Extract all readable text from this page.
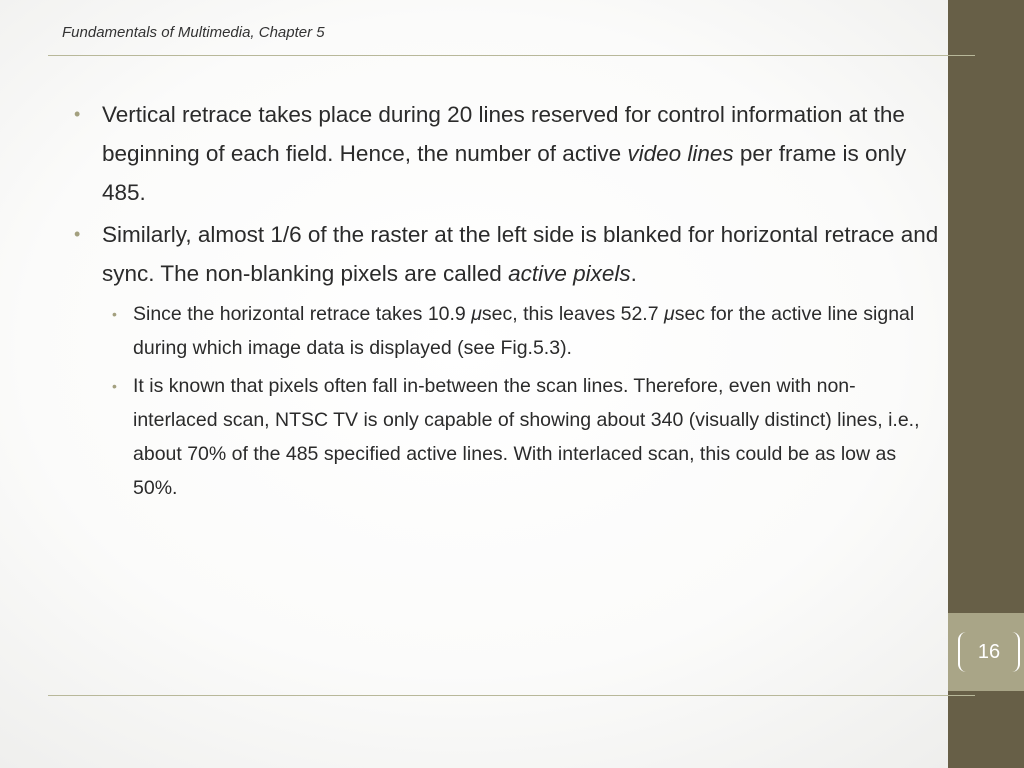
16
Fundamentals of Multimedia, Chapter 5
• Vertical retrace takes place during 20 lines reserved for control information at the beginning of each field. Hence, the number of active video lines per frame is only 485.
• Similarly, almost 1/6 of the raster at the left side is blanked for horizontal retrace and sync. The non-blanking pixels are called active pixels.
• Since the horizontal retrace takes 10.9 μsec, this leaves 52.7 μsec for the active line signal during which image data is displayed (see Fig.5.3).
• It is known that pixels often fall in-between the scan lines. Therefore, even with non-interlaced scan, NTSC TV is only capable of showing about 340 (visually distinct) lines, i.e., about 70% of the 485 specified active lines. With interlaced scan, this could be as low as 50%.
